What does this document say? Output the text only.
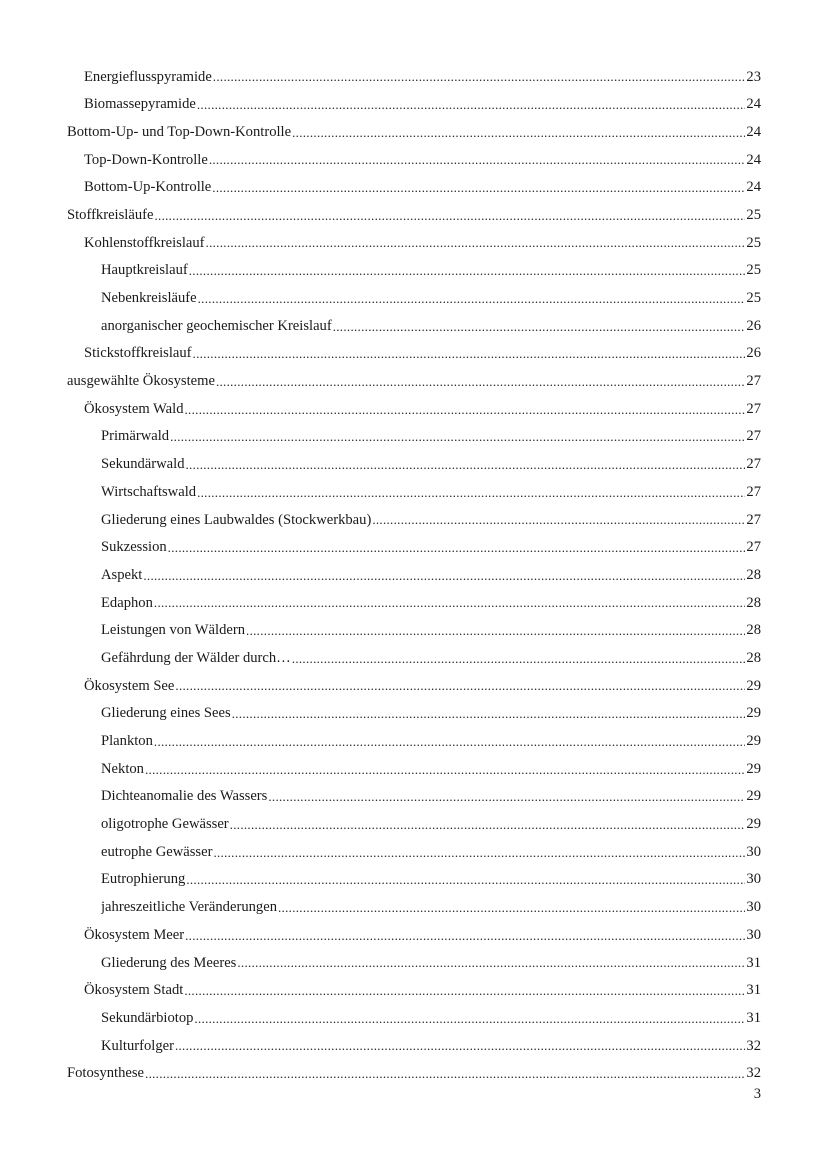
Energieflusspyramide .....	23
Biomassepyramide .....	24
Bottom-Up- und Top-Down-Kontrolle .....	24
Top-Down-Kontrolle .....	24
Bottom-Up-Kontrolle .....	24
Stoffkreisläufe .....	25
Kohlenstoffkreislauf .....	25
Hauptkreislauf .....	25
Nebenkreisläufe .....	25
anorganischer geochemischer Kreislauf .....	26
Stickstoffkreislauf .....	26
ausgewählte Ökosysteme .....	27
Ökosystem Wald .....	27
Primärwald .....	27
Sekundärwald .....	27
Wirtschaftswald .....	27
Gliederung eines Laubwaldes (Stockwerkbau) .....	27
Sukzession .....	27
Aspekt .....	28
Edaphon .....	28
Leistungen von Wäldern .....	28
Gefährdung der Wälder durch… .....	28
Ökosystem See .....	29
Gliederung eines Sees .....	29
Plankton .....	29
Nekton .....	29
Dichteanomalie des Wassers .....	29
oligotrophe Gewässer .....	29
eutrophe Gewässer .....	30
Eutrophierung .....	30
jahreszeitliche Veränderungen .....	30
Ökosystem Meer .....	30
Gliederung des Meeres .....	31
Ökosystem Stadt .....	31
Sekundärbiotop .....	31
Kulturfolger .....	32
Fotosynthese .....	32
3
